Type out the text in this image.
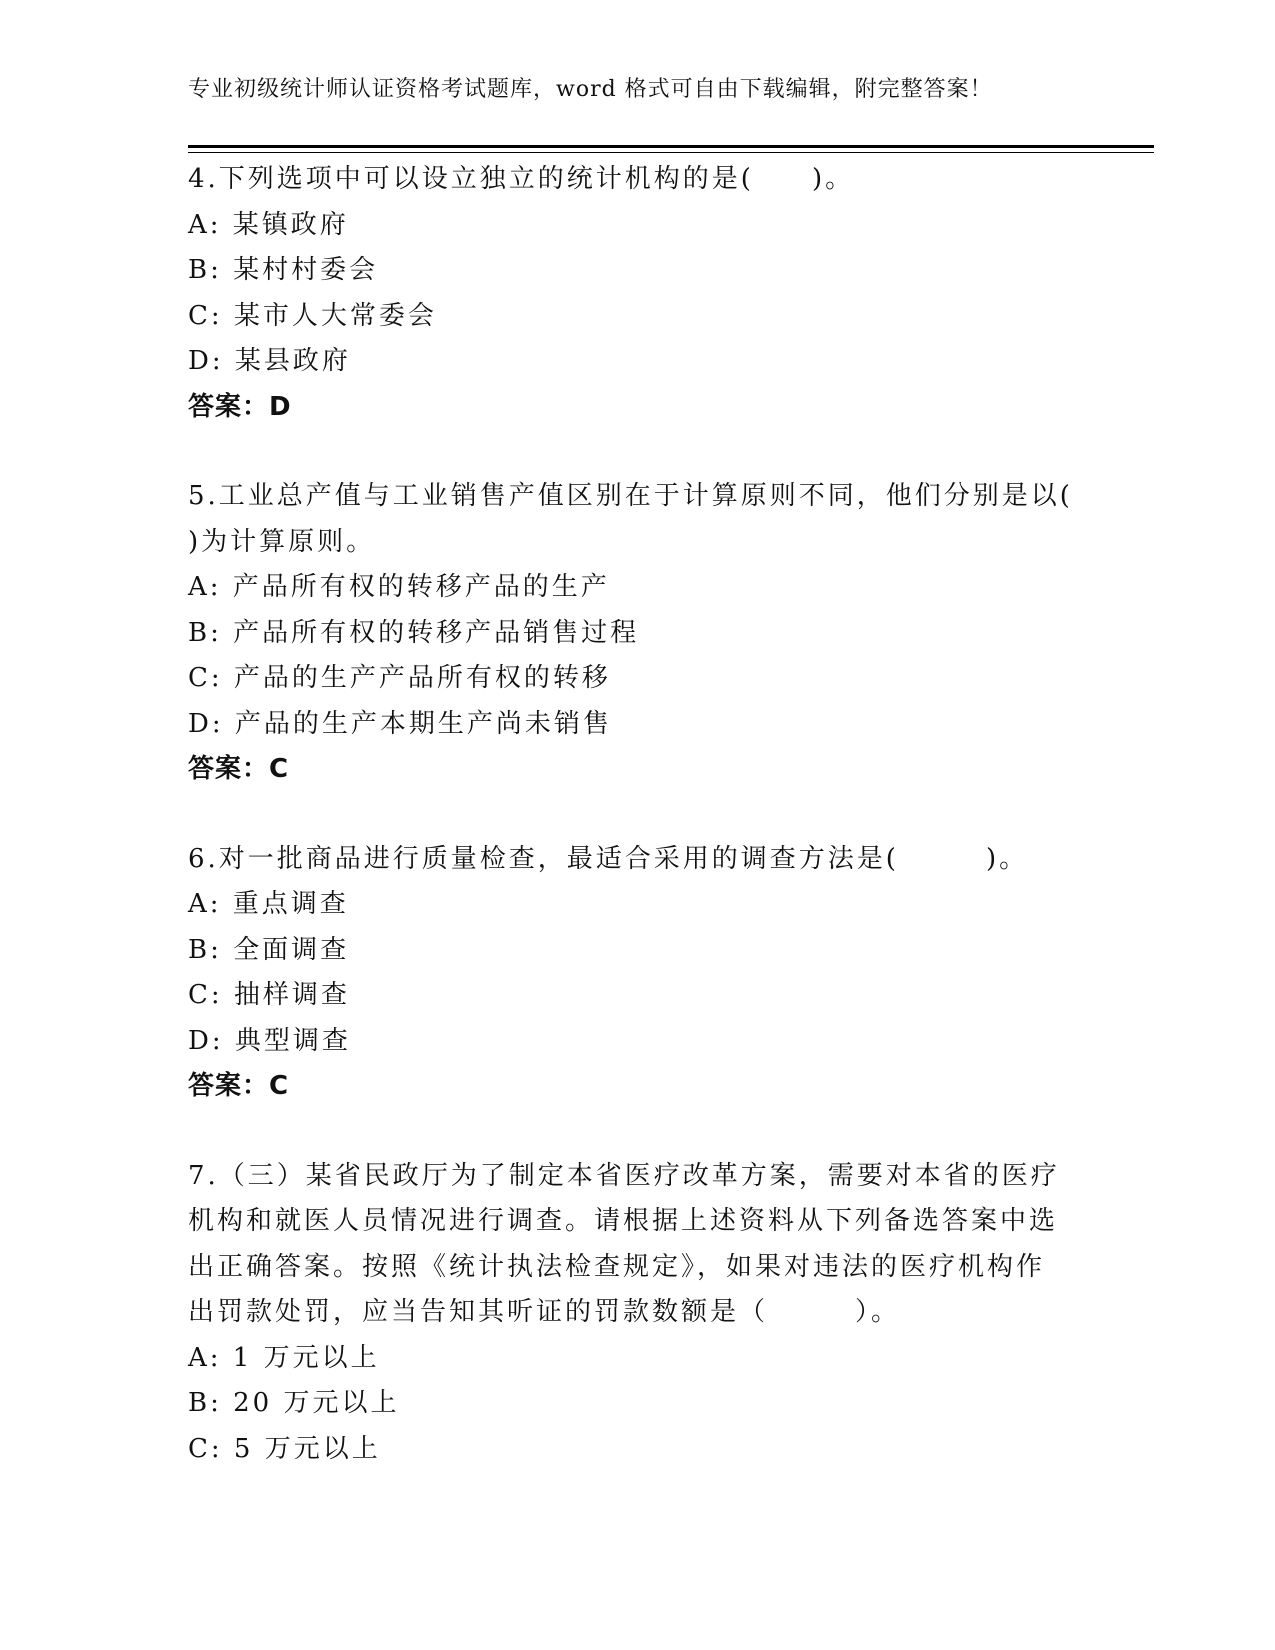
专业初级统计师认证资格考试题库，word 格式可自由下载编辑，附完整答案！
4.下列选项中可以设立独立的统计机构的是(　　)。
A: 某镇政府
B: 某村村委会
C: 某市人大常委会
D: 某县政府
答案：D
5.工业总产值与工业销售产值区别在于计算原则不同，他们分别是以(
)为计算原则。
A: 产品所有权的转移产品的生产
B: 产品所有权的转移产品销售过程
C: 产品的生产产品所有权的转移
D: 产品的生产本期生产尚未销售
答案：C
6.对一批商品进行质量检查，最适合采用的调查方法是(　　　)。
A: 重点调查
B: 全面调查
C: 抽样调查
D: 典型调查
答案：C
7.（三）某省民政厅为了制定本省医疗改革方案，需要对本省的医疗
机构和就医人员情况进行调查。请根据上述资料从下列备选答案中选
出正确答案。按照《统计执法检查规定》，如果对违法的医疗机构作
出罚款处罚，应当告知其听证的罚款数额是（　　　）。
A: 1 万元以上
B: 20 万元以上
C: 5 万元以上
